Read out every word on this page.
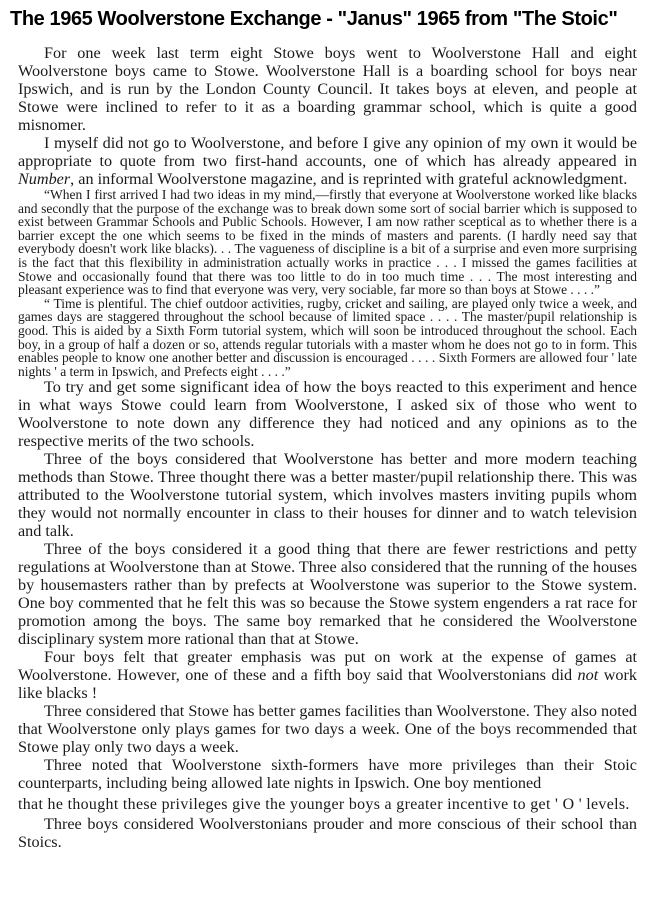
The 1965 Woolverstone Exchange - "Janus" 1965 from "The Stoic"

For one week last term eight Stowe boys went to Woolverstone Hall and eight Woolverstone boys came to Stowe. Woolverstone Hall is a boarding school for boys near Ipswich, and is run by the London County Council. It takes boys at eleven, and people at Stowe were inclined to refer to it as a boarding grammar school, which is quite a good misnomer.

I myself did not go to Woolverstone, and before I give any opinion of my own it would be appropriate to quote from two first-hand accounts, one of which has already appeared in Number, an informal Woolverstone magazine, and is reprinted with grateful acknowledgment.

“When I first arrived I had two ideas in my mind,—firstly that everyone at Woolverstone worked like blacks and secondly that the purpose of the exchange was to break down some sort of social barrier which is supposed to exist between Grammar Schools and Public Schools. However, I am now rather sceptical as to whether there is a barrier except the one which seems to be fixed in the minds of masters and parents. (I hardly need say that everybody doesn't work like blacks). . . The vagueness of discipline is a bit of a surprise and even more surprising is the fact that this flexibility in administration actually works in practice . . . I missed the games facilities at Stowe and occasionally found that there was too little to do in too much time . . . The most interesting and pleasant experience was to find that everyone was very, very sociable, far more so than boys at Stowe . . . .”

“ Time is plentiful. The chief outdoor activities, rugby, cricket and sailing, are played only twice a week, and games days are staggered throughout the school because of limited space . . . . The master/pupil relationship is good. This is aided by a Sixth Form tutorial system, which will soon be introduced throughout the school. Each boy, in a group of half a dozen or so, attends regular tutorials with a master whom he does not go to in form. This enables people to know one another better and discussion is encouraged . . . . Sixth Formers are allowed four ' late nights ' a term in Ipswich, and Prefects eight . . . .”

To try and get some significant idea of how the boys reacted to this experiment and hence in what ways Stowe could learn from Woolverstone, I asked six of those who went to Woolverstone to note down any difference they had noticed and any opinions as to the respective merits of the two schools.

Three of the boys considered that Woolverstone has better and more modern teaching methods than Stowe. Three thought there was a better master/pupil relationship there. This was attributed to the Woolverstone tutorial system, which involves masters inviting pupils whom they would not normally encounter in class to their houses for dinner and to watch television and talk.

Three of the boys considered it a good thing that there are fewer restrictions and petty regulations at Woolverstone than at Stowe. Three also considered that the running of the houses by housemasters rather than by prefects at Woolverstone was superior to the Stowe system. One boy commented that he felt this was so because the Stowe system engenders a rat race for promotion among the boys. The same boy remarked that he considered the Woolverstone disciplinary system more rational than that at Stowe.

Four boys felt that greater emphasis was put on work at the expense of games at Woolverstone. However, one of these and a fifth boy said that Woolverstonians did not work like blacks !

Three considered that Stowe has better games facilities than Woolverstone. They also noted that Woolverstone only plays games for two days a week. One of the boys recommended that Stowe play only two days a week.

Three noted that Woolverstone sixth-formers have more privileges than their Stoic counterparts, including being allowed late nights in Ipswich. One boy mentioned

that he thought these privileges give the younger boys a greater incentive to get ' O ' levels.

Three boys considered Woolverstonians prouder and more conscious of their school than Stoics.
